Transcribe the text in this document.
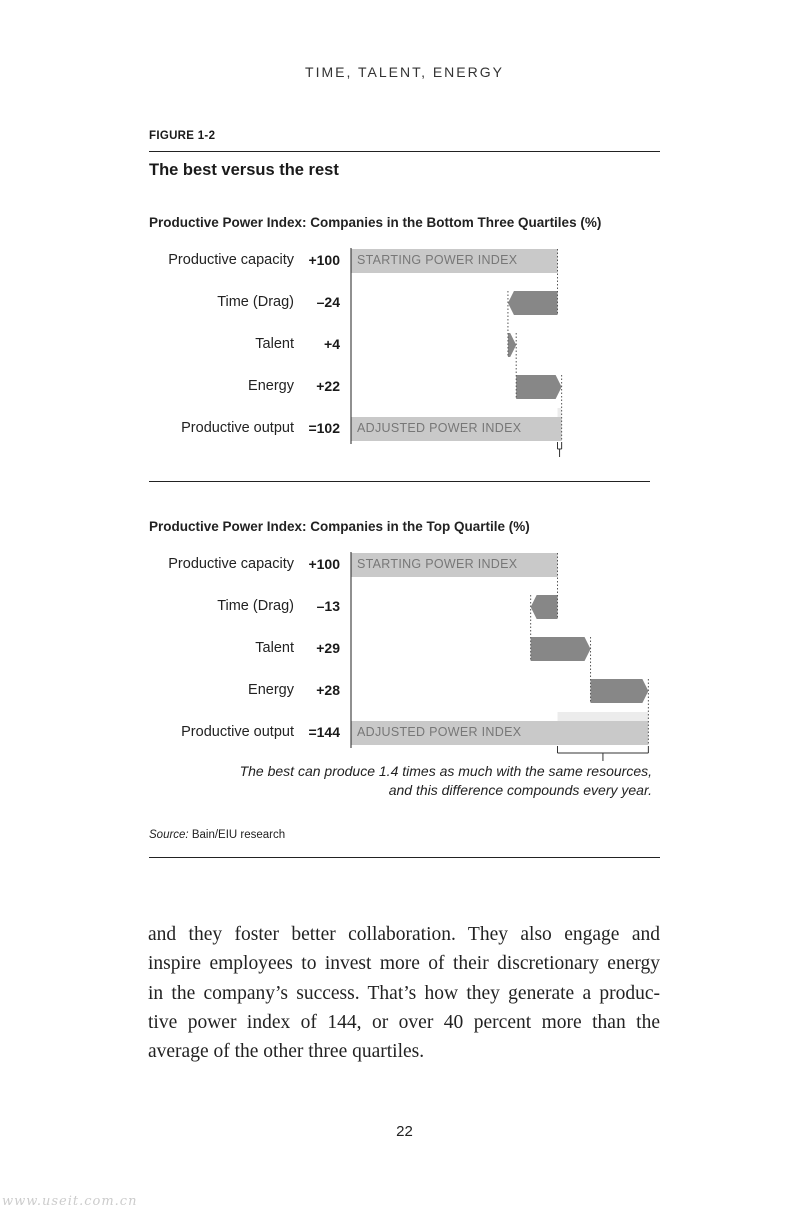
TIME, TALENT, ENERGY
FIGURE 1-2
The best versus the rest
Productive Power Index: Companies in the Bottom Three Quartiles (%)
Productive capacity	+100
Time (Drag)	–24
Talent	+4
Energy	+22
Productive output	=102
STARTING POWER INDEX
ADJUSTED POWER INDEX
Productive Power Index: Companies in the Top Quartile (%)
Productive capacity	+100
Time (Drag)	–13
Talent	+29
Energy	+28
Productive output	=144
STARTING POWER INDEX
ADJUSTED POWER INDEX
The best can produce 1.4 times as much with the same resources,
and this difference compounds every year.
Source: Bain/EIU research
and they foster better collaboration. They also engage and
inspire employees to invest more of their discretionary energy
in the company’s success. That’s how they generate a produc-
tive power index of 144, or over 40 percent more than the
average of the other three quartiles.
22
www.useit.com.cn
